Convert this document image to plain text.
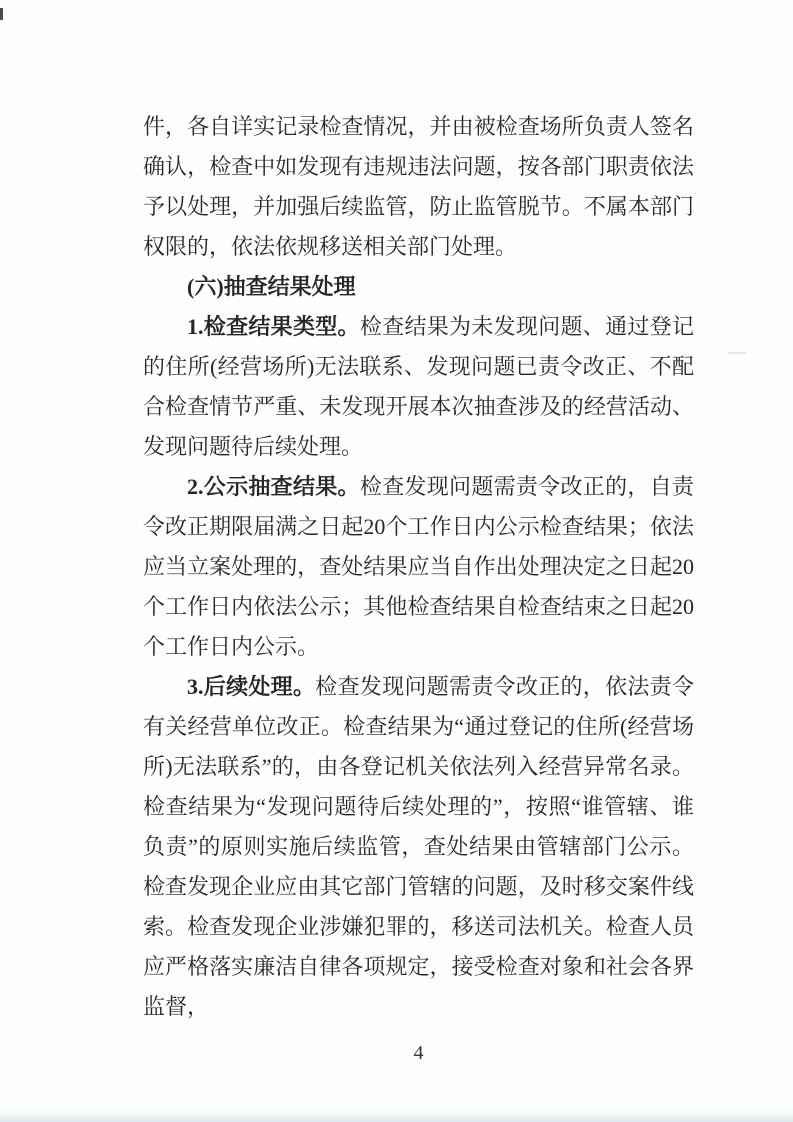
件，各自详实记录检查情况，并由被检查场所负责人签名确认，检查中如发现有违规违法问题，按各部门职责依法予以处理，并加强后续监管，防止监管脱节。不属本部门权限的，依法依规移送相关部门处理。

(六)抽查结果处理

1.检查结果类型。检查结果为未发现问题、通过登记的住所(经营场所)无法联系、发现问题已责令改正、不配合检查情节严重、未发现开展本次抽查涉及的经营活动、发现问题待后续处理。

2.公示抽查结果。检查发现问题需责令改正的，自责令改正期限届满之日起20个工作日内公示检查结果；依法应当立案处理的，查处结果应当自作出处理决定之日起20个工作日内依法公示；其他检查结果自检查结束之日起20个工作日内公示。

3.后续处理。检查发现问题需责令改正的，依法责令有关经营单位改正。检查结果为“通过登记的住所(经营场所)无法联系”的，由各登记机关依法列入经营异常名录。检查结果为“发现问题待后续处理的”，按照“谁管辖、谁负责”的原则实施后续监管，查处结果由管辖部门公示。检查发现企业应由其它部门管辖的问题，及时移交案件线索。检查发现企业涉嫌犯罪的，移送司法机关。检查人员应严格落实廉洁自律各项规定，接受检查对象和社会各界监督，

4
